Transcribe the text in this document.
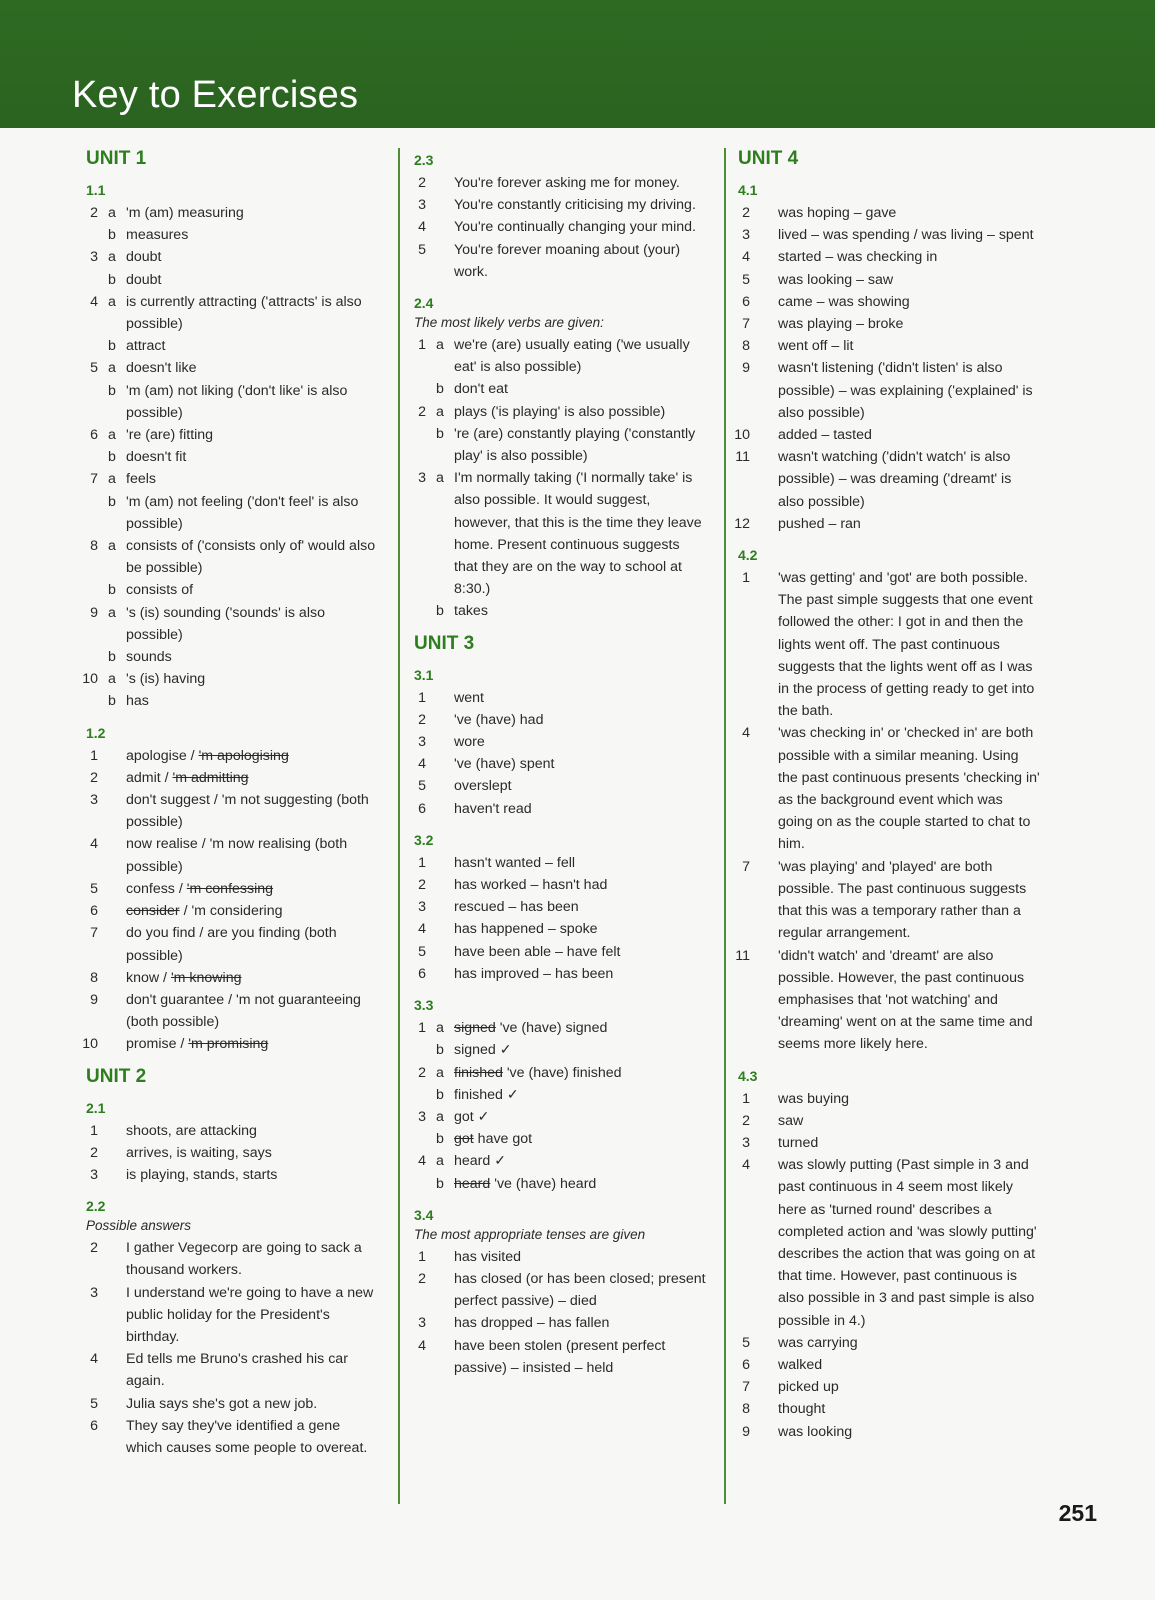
Key to Exercises
UNIT 1
1.1
2 a 'm (am) measuring
b measures
3 a doubt
b doubt
4 a is currently attracting ('attracts' is also possible)
b attract
5 a doesn't like
b 'm (am) not liking ('don't like' is also possible)
6 a 're (are) fitting
b doesn't fit
7 a feels
b 'm (am) not feeling ('don't feel' is also possible)
8 a consists of ('consists only of' would also be possible)
b consists of
9 a 's (is) sounding ('sounds' is also possible)
b sounds
10 a 's (is) having
b has
1.2
1	apologise / 'm apologising
2	admit / 'm admitting
3	don't suggest / 'm not suggesting (both possible)
4	now realise / 'm now realising (both possible)
5	confess / 'm confessing
6	consider / 'm considering
7	do you find / are you finding (both possible)
8	know / 'm knowing
9	don't guarantee / 'm not guaranteeing (both possible)
10	promise / 'm promising
UNIT 2
2.1
1	shoots, are attacking
2	arrives, is waiting, says
3	is playing, stands, starts
2.2
Possible answers
2	I gather Vegecorp are going to sack a thousand workers.
3	I understand we're going to have a new public holiday for the President's birthday.
4	Ed tells me Bruno's crashed his car again.
5	Julia says she's got a new job.
6	They say they've identified a gene which causes some people to overeat.
2.3
2	You're forever asking me for money.
3	You're constantly criticising my driving.
4	You're continually changing your mind.
5	You're forever moaning about (your) work.
2.4
The most likely verbs are given:
1 a we're (are) usually eating ('we usually eat' is also possible)
b don't eat
2 a plays ('is playing' is also possible)
b 're (are) constantly playing ('constantly play' is also possible)
3 a I'm normally taking ('I normally take' is also possible. It would suggest, however, that this is the time they leave home. Present continuous suggests that they are on the way to school at 8:30.)
b takes
UNIT 3
3.1
1	went
2	've (have) had
3	wore
4	've (have) spent
5	overslept
6	haven't read
3.2
1	hasn't wanted – fell
2	has worked – hasn't had
3	rescued – has been
4	has happened – spoke
5	have been able – have felt
6	has improved – has been
3.3
1 a signed 've (have) signed
b signed ✓
2 a finished 've (have) finished
b finished ✓
3 a got ✓
b got have got
4 a heard ✓
b heard 've (have) heard
3.4
The most appropriate tenses are given
1	has visited
2	has closed (or has been closed; present perfect passive) – died
3	has dropped – has fallen
4	have been stolen (present perfect passive) – insisted – held
UNIT 4
4.1
2	was hoping – gave
3	lived – was spending / was living – spent
4	started – was checking in
5	was looking – saw
6	came – was showing
7	was playing – broke
8	went off – lit
9	wasn't listening ('didn't listen' is also possible) – was explaining ('explained' is also possible)
10	added – tasted
11	wasn't watching ('didn't watch' is also possible) – was dreaming ('dreamt' is also possible)
12	pushed – ran
4.2
1	'was getting' and 'got' are both possible. The past simple suggests that one event followed the other: I got in and then the lights went off. The past continuous suggests that the lights went off as I was in the process of getting ready to get into the bath.
4	'was checking in' or 'checked in' are both possible with a similar meaning. Using the past continuous presents 'checking in' as the background event which was going on as the couple started to chat to him.
7	'was playing' and 'played' are both possible. The past continuous suggests that this was a temporary rather than a regular arrangement.
11	'didn't watch' and 'dreamt' are also possible. However, the past continuous emphasises that 'not watching' and 'dreaming' went on at the same time and seems more likely here.
4.3
1	was buying
2	saw
3	turned
4	was slowly putting (Past simple in 3 and past continuous in 4 seem most likely here as 'turned round' describes a completed action and 'was slowly putting' describes the action that was going on at that time. However, past continuous is also possible in 3 and past simple is also possible in 4.)
5	was carrying
6	walked
7	picked up
8	thought
9	was looking
251
